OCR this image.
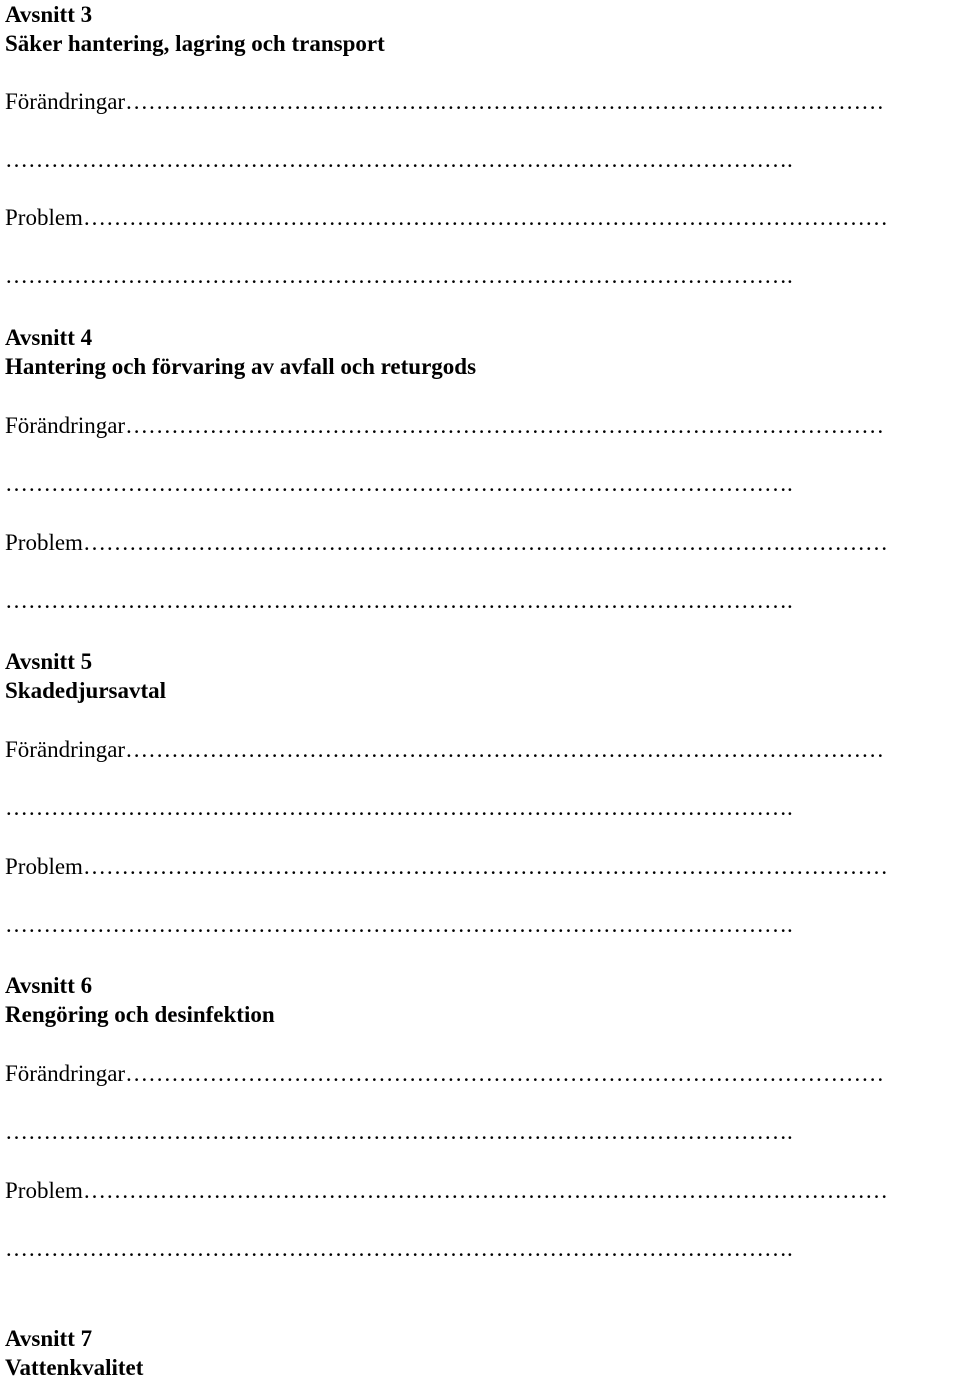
Avsnitt 3
Säker hantering, lagring och transport
Förändringar………………………………………………………………………………………
………………………………………………………………………………………….
Problem……………………………………………………………………………………………
………………………………………………………………………………………….
Avsnitt 4
Hantering och förvaring av avfall och returgods
Förändringar………………………………………………………………………………………
………………………………………………………………………………………….
Problem……………………………………………………………………………………………
………………………………………………………………………………………….
Avsnitt 5
Skadedjursavtal
Förändringar………………………………………………………………………………………
………………………………………………………………………………………….
Problem……………………………………………………………………………………………
………………………………………………………………………………………….
Avsnitt 6
Rengöring och desinfektion
Förändringar………………………………………………………………………………………
………………………………………………………………………………………….
Problem……………………………………………………………………………………………
………………………………………………………………………………………….
Avsnitt 7
Vattenkvalitet
